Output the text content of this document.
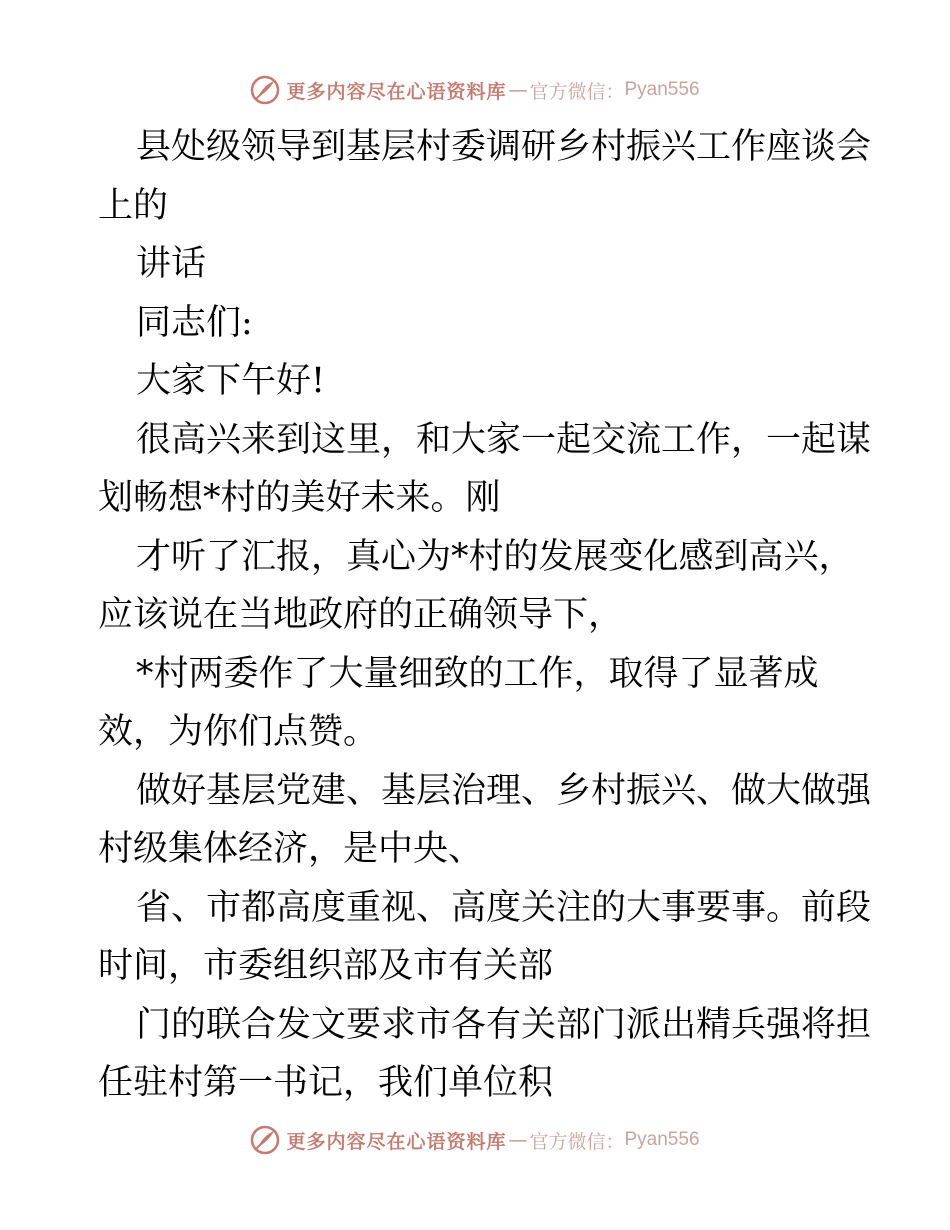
更多内容尽在心语资料库 — 官方微信： Pyan556
县处级领导到基层村委调研乡村振兴工作座谈会
上的
讲话
同志们:
大家下午好!
很高兴来到这里，和大家一起交流工作，一起谋
划畅想*村的美好未来。刚
才听了汇报，真心为*村的发展变化感到高兴，
应该说在当地政府的正确领导下，
*村两委作了大量细致的工作，取得了显著成
效，为你们点赞。
做好基层党建、基层治理、乡村振兴、做大做强
村级集体经济，是中央、
省、市都高度重视、高度关注的大事要事。前段
时间，市委组织部及市有关部
门的联合发文要求市各有关部门派出精兵强将担
任驻村第一书记，我们单位积
更多内容尽在心语资料库 — 官方微信： Pyan556
